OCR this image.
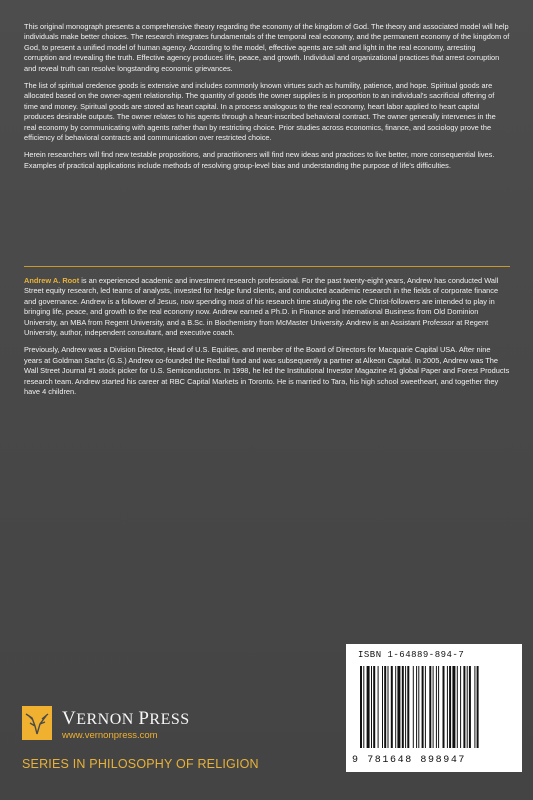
This original monograph presents a comprehensive theory regarding the economy of the kingdom of God. The theory and associated model will help individuals make better choices. The research integrates fundamentals of the temporal real economy, and the permanent economy of the kingdom of God, to present a unified model of human agency. According to the model, effective agents are salt and light in the real economy, arresting corruption and revealing the truth. Effective agency produces life, peace, and growth. Individual and organizational practices that arrest corruption and reveal truth can resolve longstanding economic grievances.

The list of spiritual credence goods is extensive and includes commonly known virtues such as humility, patience, and hope. Spiritual goods are allocated based on the owner-agent relationship. The quantity of goods the owner supplies is in proportion to an individual's sacrificial offering of time and money. Spiritual goods are stored as heart capital. In a process analogous to the real economy, heart labor applied to heart capital produces desirable outputs. The owner relates to his agents through a heart-inscribed behavioral contract. The owner generally intervenes in the real economy by communicating with agents rather than by restricting choice. Prior studies across economics, finance, and sociology prove the efficiency of behavioral contracts and communication over restricted choice.

Herein researchers will find new testable propositions, and practitioners will find new ideas and practices to live better, more consequential lives. Examples of practical applications include methods of resolving group-level bias and understanding the purpose of life's difficulties.

Andrew A. Root is an experienced academic and investment research professional. For the past twenty-eight years, Andrew has conducted Wall Street equity research, led teams of analysts, invested for hedge fund clients, and conducted academic research in the fields of corporate finance and governance. Andrew is a follower of Jesus, now spending most of his research time studying the role Christ-followers are intended to play in bringing life, peace, and growth to the real economy now. Andrew earned a Ph.D. in Finance and International Business from Old Dominion University, an MBA from Regent University, and a B.Sc. in Biochemistry from McMaster University. Andrew is an Assistant Professor at Regent University, author, independent consultant, and executive coach.

Previously, Andrew was a Division Director, Head of U.S. Equities, and member of the Board of Directors for Macquarie Capital USA. After nine years at Goldman Sachs (G.S.) Andrew co-founded the Redtail fund and was subsequently a partner at Alkeon Capital. In 2005, Andrew was The Wall Street Journal #1 stock picker for U.S. Semiconductors. In 1998, he led the Institutional Investor Magazine #1 global Paper and Forest Products research team. Andrew started his career at RBC Capital Markets in Toronto. He is married to Tara, his high school sweetheart, and together they have 4 children.

VERNON PRESS
www.vernonpress.com
SERIES IN PHILOSOPHY OF RELIGION
ISBN 1-64889-894-7
9 781648 898947
